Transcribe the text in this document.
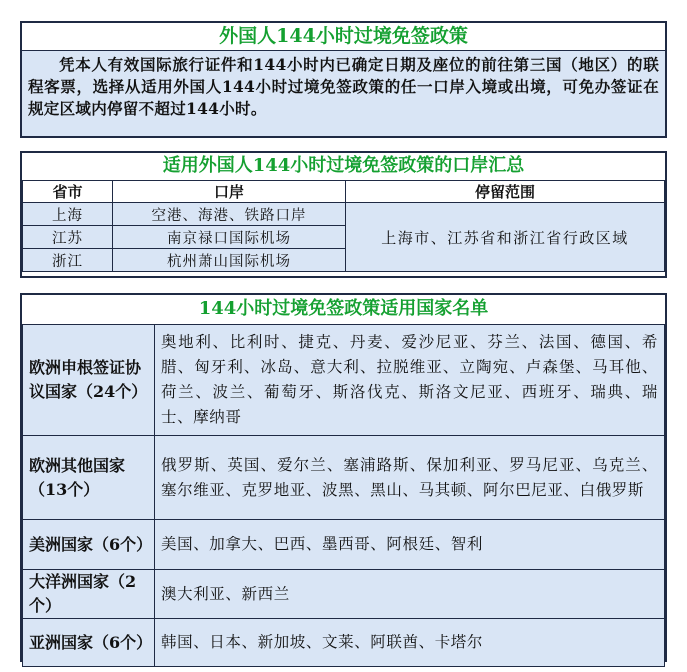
外国人144小时过境免签政策
凭本人有效国际旅行证件和144小时内已确定日期及座位的前往第三国（地区）的联程客票，选择从适用外国人144小时过境免签政策的任一口岸入境或出境，可免办签证在规定区域内停留不超过144小时。
适用外国人144小时过境免签政策的口岸汇总
省市	口岸	停留范围
上海	空港、海港、铁路口岸	上海市、江苏省和浙江省行政区域
江苏	南京禄口国际机场	
浙江	杭州萧山国际机场	
144小时过境免签政策适用国家名单
欧洲申根签证协议国家（24个）	奥地利、比利时、捷克、丹麦、爱沙尼亚、芬兰、法国、德国、希腊、匈牙利、冰岛、意大利、拉脱维亚、立陶宛、卢森堡、马耳他、荷兰、波兰、葡萄牙、斯洛伐克、斯洛文尼亚、西班牙、瑞典、瑞士、摩纳哥
欧洲其他国家（13个）	俄罗斯、英国、爱尔兰、塞浦路斯、保加利亚、罗马尼亚、乌克兰、塞尔维亚、克罗地亚、波黑、黑山、马其顿、阿尔巴尼亚、白俄罗斯
美洲国家（6个）	美国、加拿大、巴西、墨西哥、阿根廷、智利
大洋洲国家（2个）	澳大利亚、新西兰
亚洲国家（6个）	韩国、日本、新加坡、文莱、阿联酋、卡塔尔
